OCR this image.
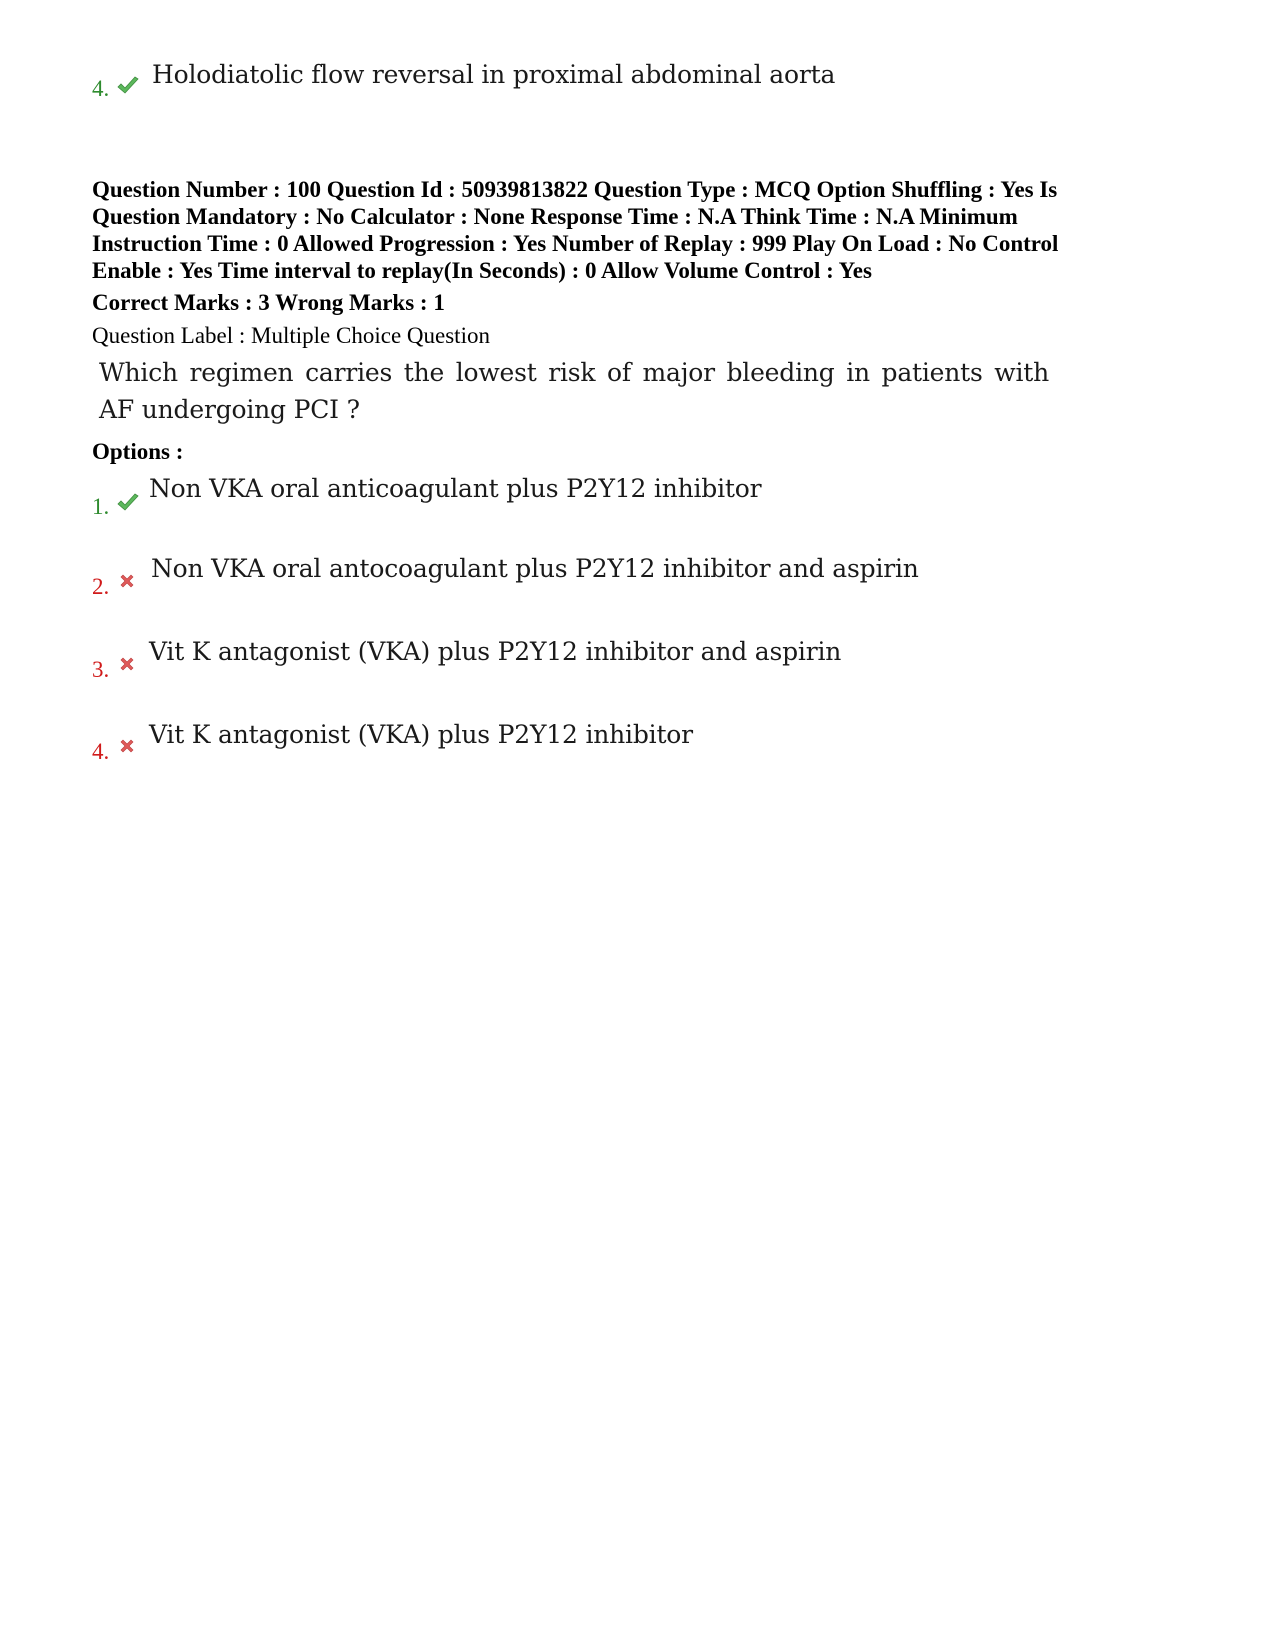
4. Holodiatolic flow reversal in proximal abdominal aorta
Question Number : 100 Question Id : 50939813822 Question Type : MCQ Option Shuffling : Yes Is
Question Mandatory : No Calculator : None Response Time : N.A Think Time : N.A Minimum
Instruction Time : 0 Allowed Progression : Yes Number of Replay : 999 Play On Load : No Control
Enable : Yes Time interval to replay(In Seconds) : 0 Allow Volume Control : Yes
Correct Marks : 3 Wrong Marks : 1
Question Label : Multiple Choice Question
Which regimen carries the lowest risk of major bleeding in patients with
AF undergoing PCI ?
Options :
1.
Non VKA oral anticoagulant plus P2Y12 inhibitor
2.
Non VKA oral antocoagulant plus P2Y12 inhibitor and aspirin
3.
Vit K antagonist (VKA) plus P2Y12 inhibitor and aspirin
4.
Vit K antagonist (VKA) plus P2Y12 inhibitor
